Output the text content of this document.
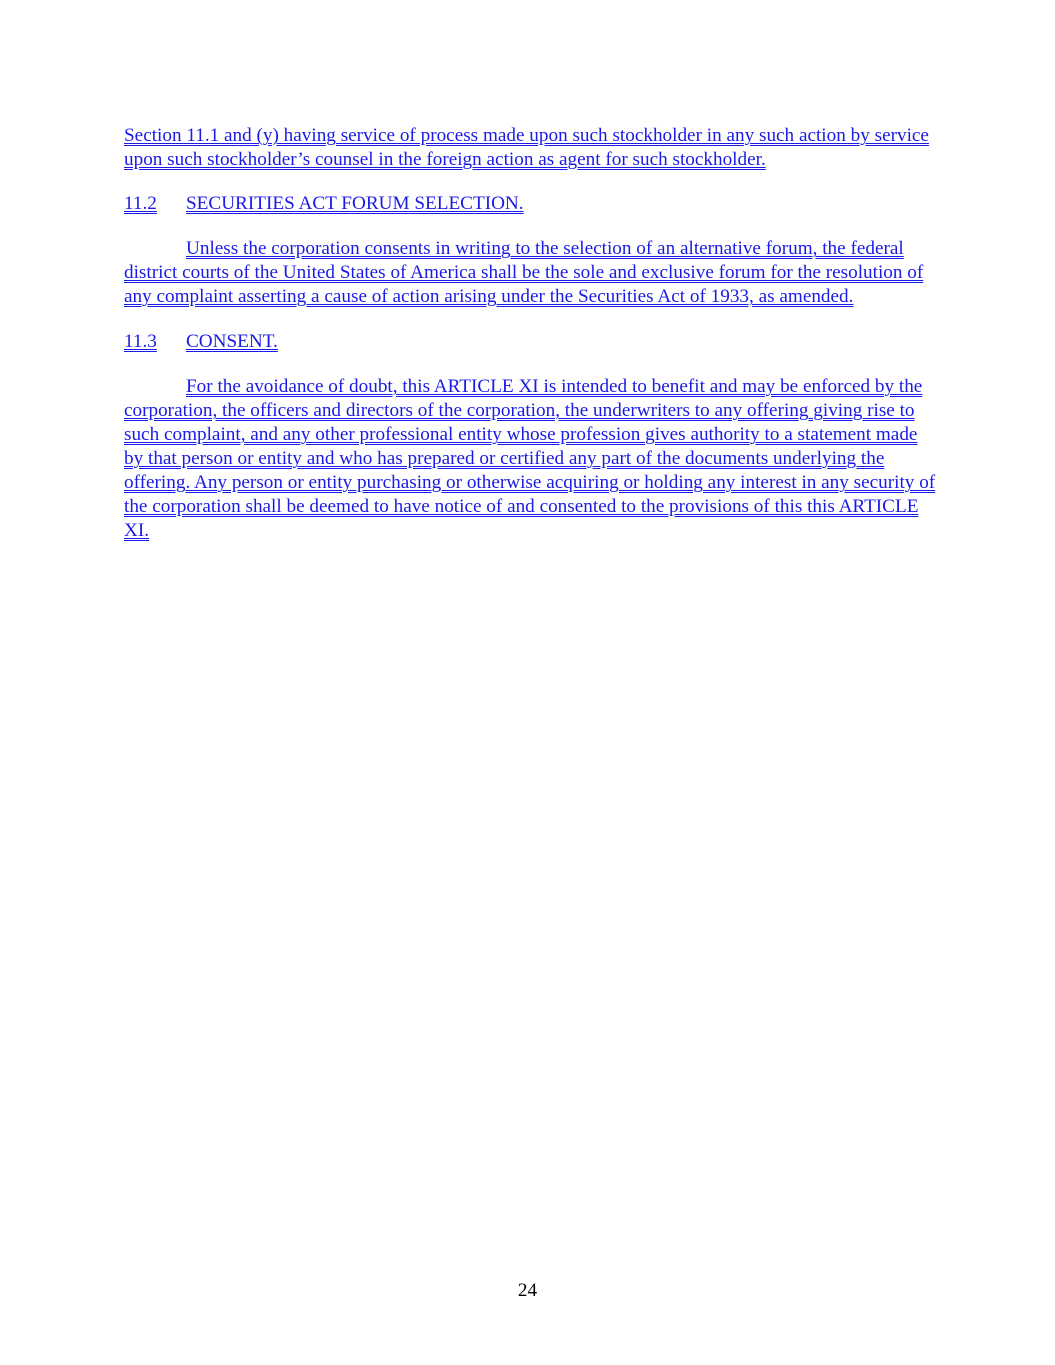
Section 11.1 and (y) having service of process made upon such stockholder in any such action by service upon such stockholder’s counsel in the foreign action as agent for such stockholder.

11.2	SECURITIES ACT FORUM SELECTION.

Unless the corporation consents in writing to the selection of an alternative forum, the federal district courts of the United States of America shall be the sole and exclusive forum for the resolution of any complaint asserting a cause of action arising under the Securities Act of 1933, as amended.

11.3	CONSENT.

For the avoidance of doubt, this ARTICLE XI is intended to benefit and may be enforced by the corporation, the officers and directors of the corporation, the underwriters to any offering giving rise to such complaint, and any other professional entity whose profession gives authority to a statement made by that person or entity and who has prepared or certified any part of the documents underlying the offering. Any person or entity purchasing or otherwise acquiring or holding any interest in any security of the corporation shall be deemed to have notice of and consented to the provisions of this this ARTICLE XI.

24
